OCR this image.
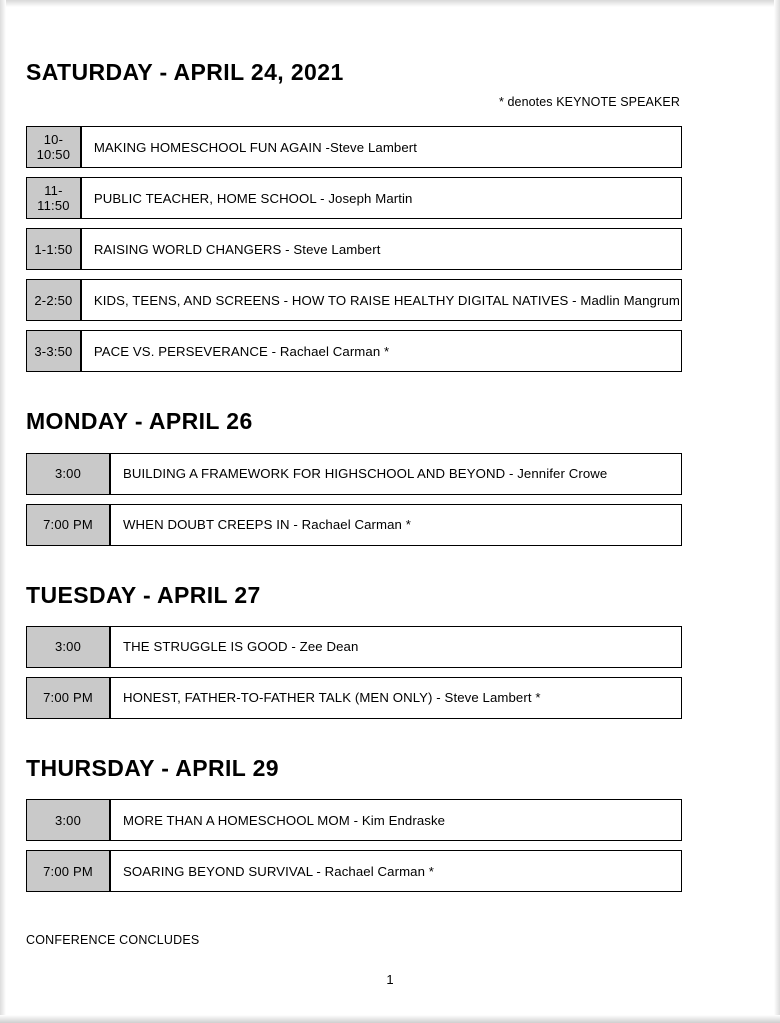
SATURDAY - APRIL 24, 2021
* denotes KEYNOTE SPEAKER
10-10:50	MAKING HOMESCHOOL FUN AGAIN -Steve Lambert
11-11:50	PUBLIC TEACHER, HOME SCHOOL - Joseph Martin
1-1:50	RAISING WORLD CHANGERS - Steve Lambert
2-2:50	KIDS, TEENS, AND SCREENS - HOW TO RAISE HEALTHY DIGITAL NATIVES - Madlin Mangrum
3-3:50	PACE VS. PERSEVERANCE - Rachael Carman *
MONDAY - APRIL 26
3:00	BUILDING A FRAMEWORK FOR HIGHSCHOOL AND BEYOND - Jennifer Crowe
7:00 PM	WHEN DOUBT CREEPS IN - Rachael Carman *
TUESDAY - APRIL 27
3:00	THE STRUGGLE IS GOOD - Zee Dean
7:00 PM	HONEST, FATHER-TO-FATHER TALK (MEN ONLY) - Steve Lambert *
THURSDAY - APRIL 29
3:00	MORE THAN A HOMESCHOOL MOM - Kim Endraske
7:00 PM	SOARING BEYOND SURVIVAL - Rachael Carman *
CONFERENCE CONCLUDES
1
